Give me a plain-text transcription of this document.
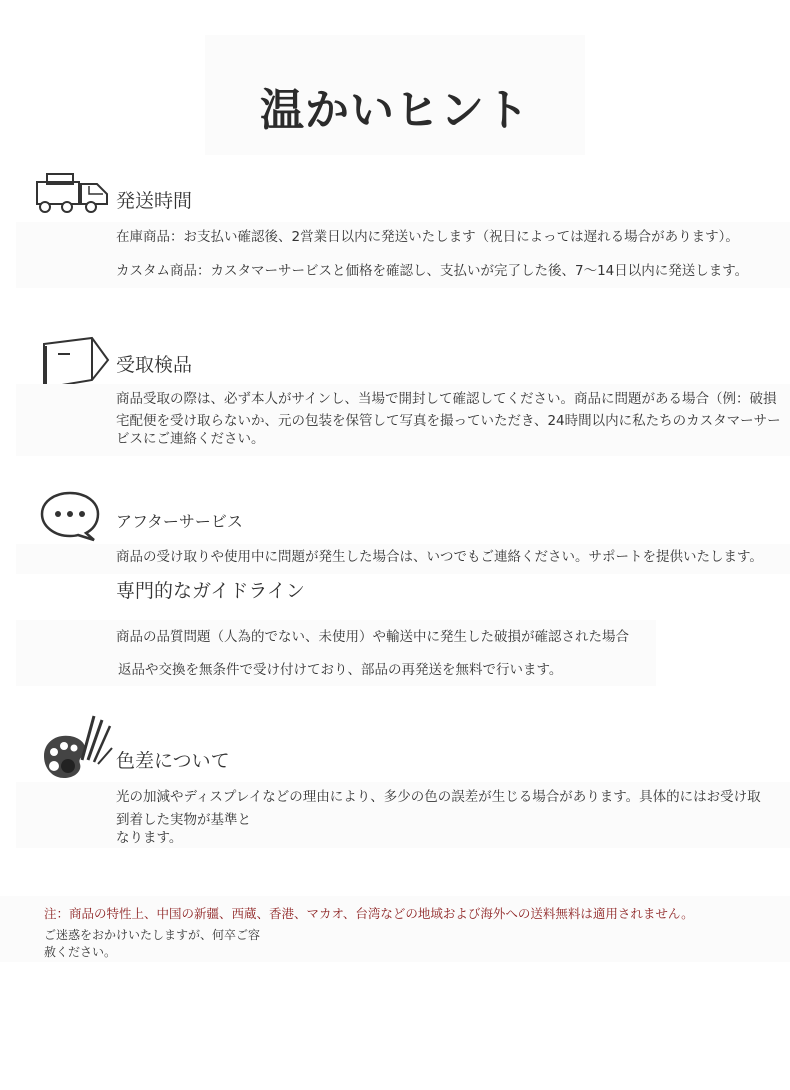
温かいヒント
発送時間
在庫商品：お支払い確認後、2営業日以内に発送いたします（祝日によっては遅れる場合があります）。
カスタム商品：カスタマーサービスと価格を確認し、支払いが完了した後、7〜14日以内に発送します。
受取検品
商品受取の際は、必ず本人がサインし、当場で開封して確認してください。商品に問題がある場合（例：破損
宅配便を受け取らないか、元の包装を保管して写真を撮っていただき、24時間以内に私たちのカスタマーサー
ビスにご連絡ください。
アフターサービス
商品の受け取りや使用中に問題が発生した場合は、いつでもご連絡ください。サポートを提供いたします。
専門的なガイドライン
商品の品質問題（人為的でない、未使用）や輸送中に発生した破損が確認された場合
返品や交換を無条件で受け付けており、部品の再発送を無料で行います。
色差について
光の加減やディスプレイなどの理由により、多少の色の誤差が生じる場合があります。具体的にはお受け取
到着した実物が基準と
なります。
注：商品の特性上、中国の新疆、西蔵、香港、マカオ、台湾などの地域および海外への送料無料は適用されません。
ご迷惑をおかけいたしますが、何卒ご容赦ください。
